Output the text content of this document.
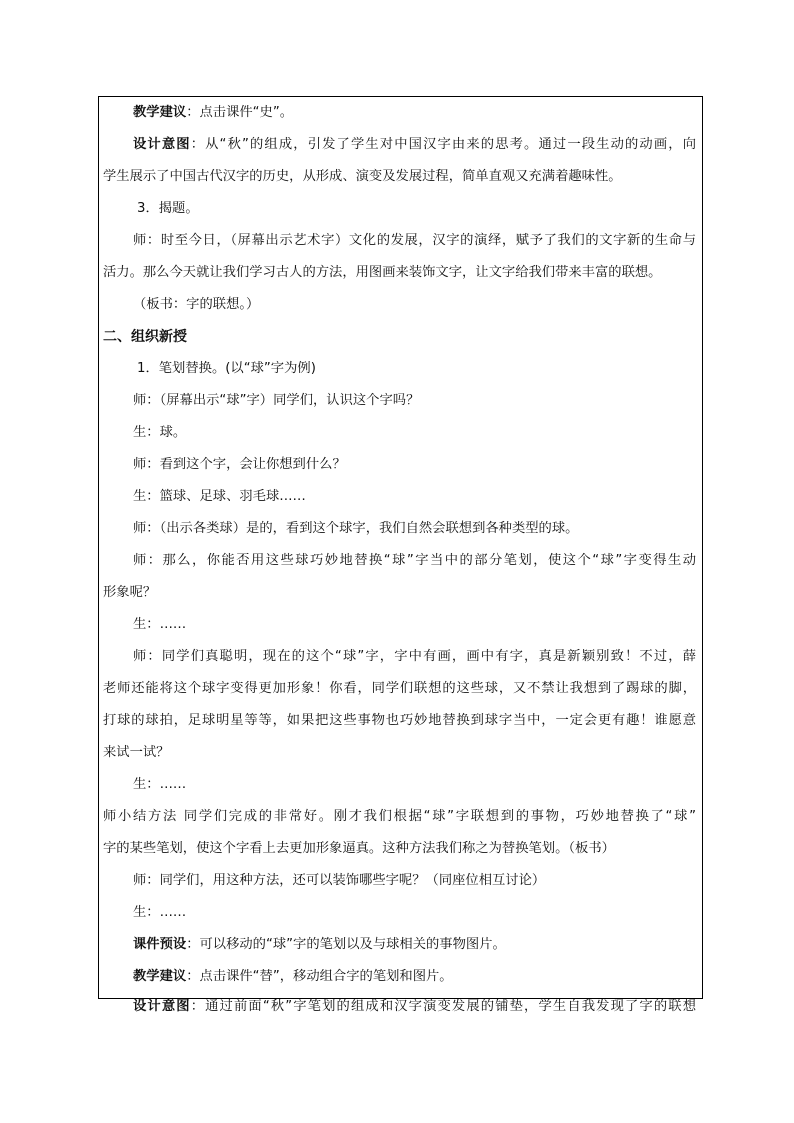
教学建议：点击课件“史”。
设计意图：从“秋”的组成，引发了学生对中国汉字由来的思考。通过一段生动的动画，向
学生展示了中国古代汉字的历史，从形成、演变及发展过程，简单直观又充满着趣味性。
3．揭题。
师：时至今日，（屏幕出示艺术字）文化的发展，汉字的演绎，赋予了我们的文字新的生命与
活力。那么今天就让我们学习古人的方法，用图画来装饰文字，让文字给我们带来丰富的联想。
（板书：字的联想。）
二、组织新授
1．笔划替换。(以“球”字为例)
师：（屏幕出示“球”字）同学们，认识这个字吗？
生：球。
师：看到这个字，会让你想到什么？
生：篮球、足球、羽毛球……
师：（出示各类球）是的，看到这个球字，我们自然会联想到各种类型的球。
师：那么，你能否用这些球巧妙地替换“球”字当中的部分笔划，使这个“球”字变得生动
形象呢？
生：……
师：同学们真聪明，现在的这个“球”字，字中有画，画中有字，真是新颖别致！不过，薛
老师还能将这个球字变得更加形象！你看，同学们联想的这些球，又不禁让我想到了踢球的脚，
打球的球拍，足球明星等等，如果把这些事物也巧妙地替换到球字当中，一定会更有趣！谁愿意
来试一试？
生：……
师小结方法 同学们完成的非常好。刚才我们根据“球”字联想到的事物，巧妙地替换了“球”
字的某些笔划，使这个字看上去更加形象逼真。这种方法我们称之为替换笔划。（板书）
师：同学们，用这种方法，还可以装饰哪些字呢？（同座位相互讨论）
生：……
课件预设：可以移动的“球”字的笔划以及与球相关的事物图片。
教学建议：点击课件“替”，移动组合字的笔划和图片。
设计意图：通过前面“秋”字笔划的组成和汉字演变发展的铺垫，学生自我发现了字的联想
